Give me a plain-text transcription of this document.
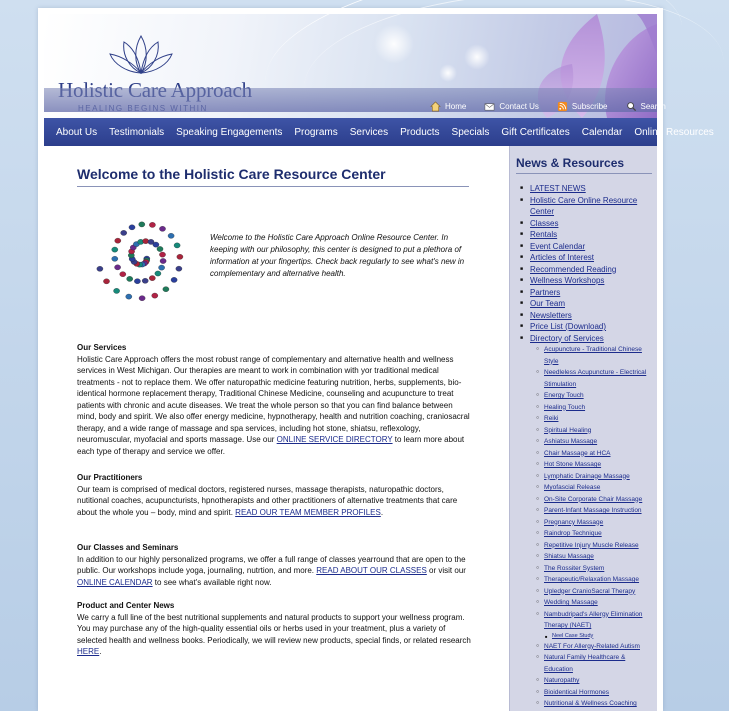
Home	Contact Us	Subscribe	Search
About Us	Testimonials	Speaking Engagements	Programs	Services	Products	Specials	Gift Certificates	Calendar	Online Resources
Welcome to the Holistic Care Resource Center
Welcome to the Holistic Care Approach Online Resource Center. In keeping with our philosophy, this center is designed to put a plethora of information at your fingertips. Check back regularly to see what's new in complementary and alternative health.
Our Services
Holistic Care Approach offers the most robust range of complementary and alternative health and wellness services in West Michigan. Our therapies are meant to work in combination with yor traditional medical treatments - not to replace them. We offer naturopathic medicine featuring nutrition, herbs, supplements, bio-identical hormone replacement therapy, Traditional Chinese Medicine, counseling and acupuncture to treat patients with chronic and acute diseases. We treat the whole person so that you can find balance between mind, body and spirit. We also offer energy medicine, hypnotherapy, health and nutrition coaching, craniosacral therapy, and a wide range of massage and spa services, including hot stone, shiatsu, reflexology, neuromuscular, myofacial and sports massage. Use our ONLINE SERVICE DIRECTORY to learn more about each type of therapy and service we offer.
Our Practitioners
Our team is comprised of medical doctors, registered nurses, massage therapists, naturopathic doctors, nutitional coaches, acupuncturists, hpnotherapists and other practitioners of alternative treatments that care about the whole you – body, mind and spirit. READ OUR TEAM MEMBER PROFILES.
Our Classes and Seminars
In addition to our highly personalized programs, we offer a full range of classes yearround that are open to the public. Our workshops include yoga, journaling, nutrtion, and more. READ ABOUT OUR CLASSES or visit our ONLINE CALENDAR to see what's available right now.
Product and Center News
We carry a full line of the best nutritional supplements and natural products to support your wellness program. You may purchase any of the high-quality essential oils or herbs used in your treatment, plus a variety of selected health and wellness books. Periodically, we will review new products, special finds, or related research HERE.
News & Resources
■ LATEST NEWS
■ Holistic Care Online Resource Center
■ Classes
■ Rentals
■ Event Calendar
■ Articles of Interest
■ Recommended Reading
■ Wellness Workshops
■ Partners
■ Our Team
■ Newsletters
■ Price List (Download)
■ Directory of Services
○ Acupuncture - Traditional Chinese Style
○ Needleless Acupuncture - Electrical Stimulation
○ Energy Touch
○ Healing Touch
○ Reiki
○ Spiritual Healing
○ Ashiatsu Massage
○ Chair Massage at HCA
○ Hot Stone Massage
○ Lymphatic Drainage Massage
○ Myofascial Release
○ On-Site Corporate Chair Massage
○ Parent-Infant Massage Instruction
○ Pregnancy Massage
○ Raindrop Technique
○ Repetitive Injury Muscle Release
○ Shiatsu Massage
○ The Rossiter System
○ Therapeutic/Relaxation Massage
○ Upledger CranioSacral Therapy
○ Wedding Massage
○ Nambudripad's Allergy Elimination Therapy (NAET)
■ Neel Case Study
○ NAET For Allergy-Related Autism
○ Natural Family Healthcare & Education
○ Naturopathy
○ Bioidentical Hormones
○ Nutritional & Wellness Coaching
